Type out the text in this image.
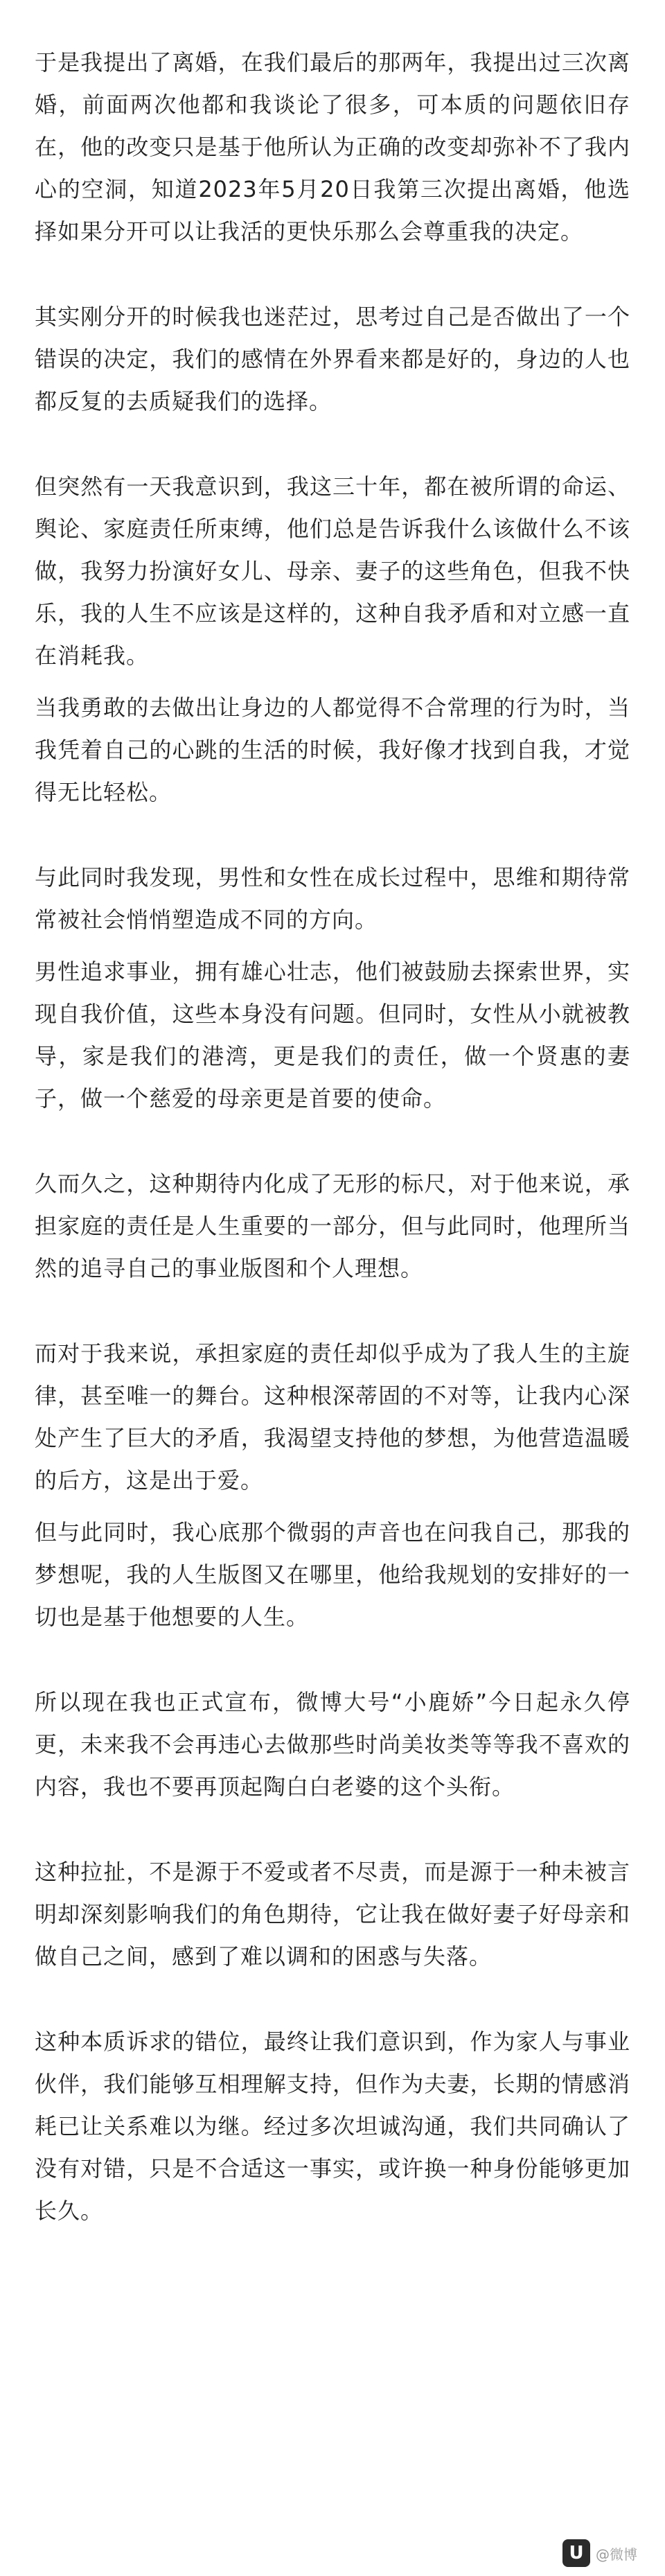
于是我提出了离婚，在我们最后的那两年，我提出过三次离婚，前面两次他都和我谈论了很多，可本质的问题依旧存在，他的改变只是基于他所认为正确的改变却弥补不了我内心的空洞，知道2023年5月20日我第三次提出离婚，他选择如果分开可以让我活的更快乐那么会尊重我的决定。

其实刚分开的时候我也迷茫过，思考过自己是否做出了一个错误的决定，我们的感情在外界看来都是好的，身边的人也都反复的去质疑我们的选择。

但突然有一天我意识到，我这三十年，都在被所谓的命运、舆论、家庭责任所束缚，他们总是告诉我什么该做什么不该做，我努力扮演好女儿、母亲、妻子的这些角色，但我不快乐，我的人生不应该是这样的，这种自我矛盾和对立感一直在消耗我。

当我勇敢的去做出让身边的人都觉得不合常理的行为时，当我凭着自己的心跳的生活的时候，我好像才找到自我，才觉得无比轻松。

与此同时我发现，男性和女性在成长过程中，思维和期待常常被社会悄悄塑造成不同的方向。

男性追求事业，拥有雄心壮志，他们被鼓励去探索世界，实现自我价值，这些本身没有问题。但同时，女性从小就被教导，家是我们的港湾，更是我们的责任，做一个贤惠的妻子，做一个慈爱的母亲更是首要的使命。

久而久之，这种期待内化成了无形的标尺，对于他来说，承担家庭的责任是人生重要的一部分，但与此同时，他理所当然的追寻自己的事业版图和个人理想。

而对于我来说，承担家庭的责任却似乎成为了我人生的主旋律，甚至唯一的舞台。这种根深蒂固的不对等，让我内心深处产生了巨大的矛盾，我渴望支持他的梦想，为他营造温暖的后方，这是出于爱。

但与此同时，我心底那个微弱的声音也在问我自己，那我的梦想呢，我的人生版图又在哪里，他给我规划的安排好的一切也是基于他想要的人生。

所以现在我也正式宣布，微博大号“小鹿娇”今日起永久停更，未来我不会再违心去做那些时尚美妆类等等我不喜欢的内容，我也不要再顶起陶白白老婆的这个头衔。

这种拉扯，不是源于不爱或者不尽责，而是源于一种未被言明却深刻影响我们的角色期待，它让我在做好妻子好母亲和做自己之间，感到了难以调和的困惑与失落。

这种本质诉求的错位，最终让我们意识到，作为家人与事业伙伴，我们能够互相理解支持，但作为夫妻，长期的情感消耗已让关系难以为继。经过多次坦诚沟通，我们共同确认了没有对错，只是不合适这一事实，或许换一种身份能够更加长久。

U @微博
